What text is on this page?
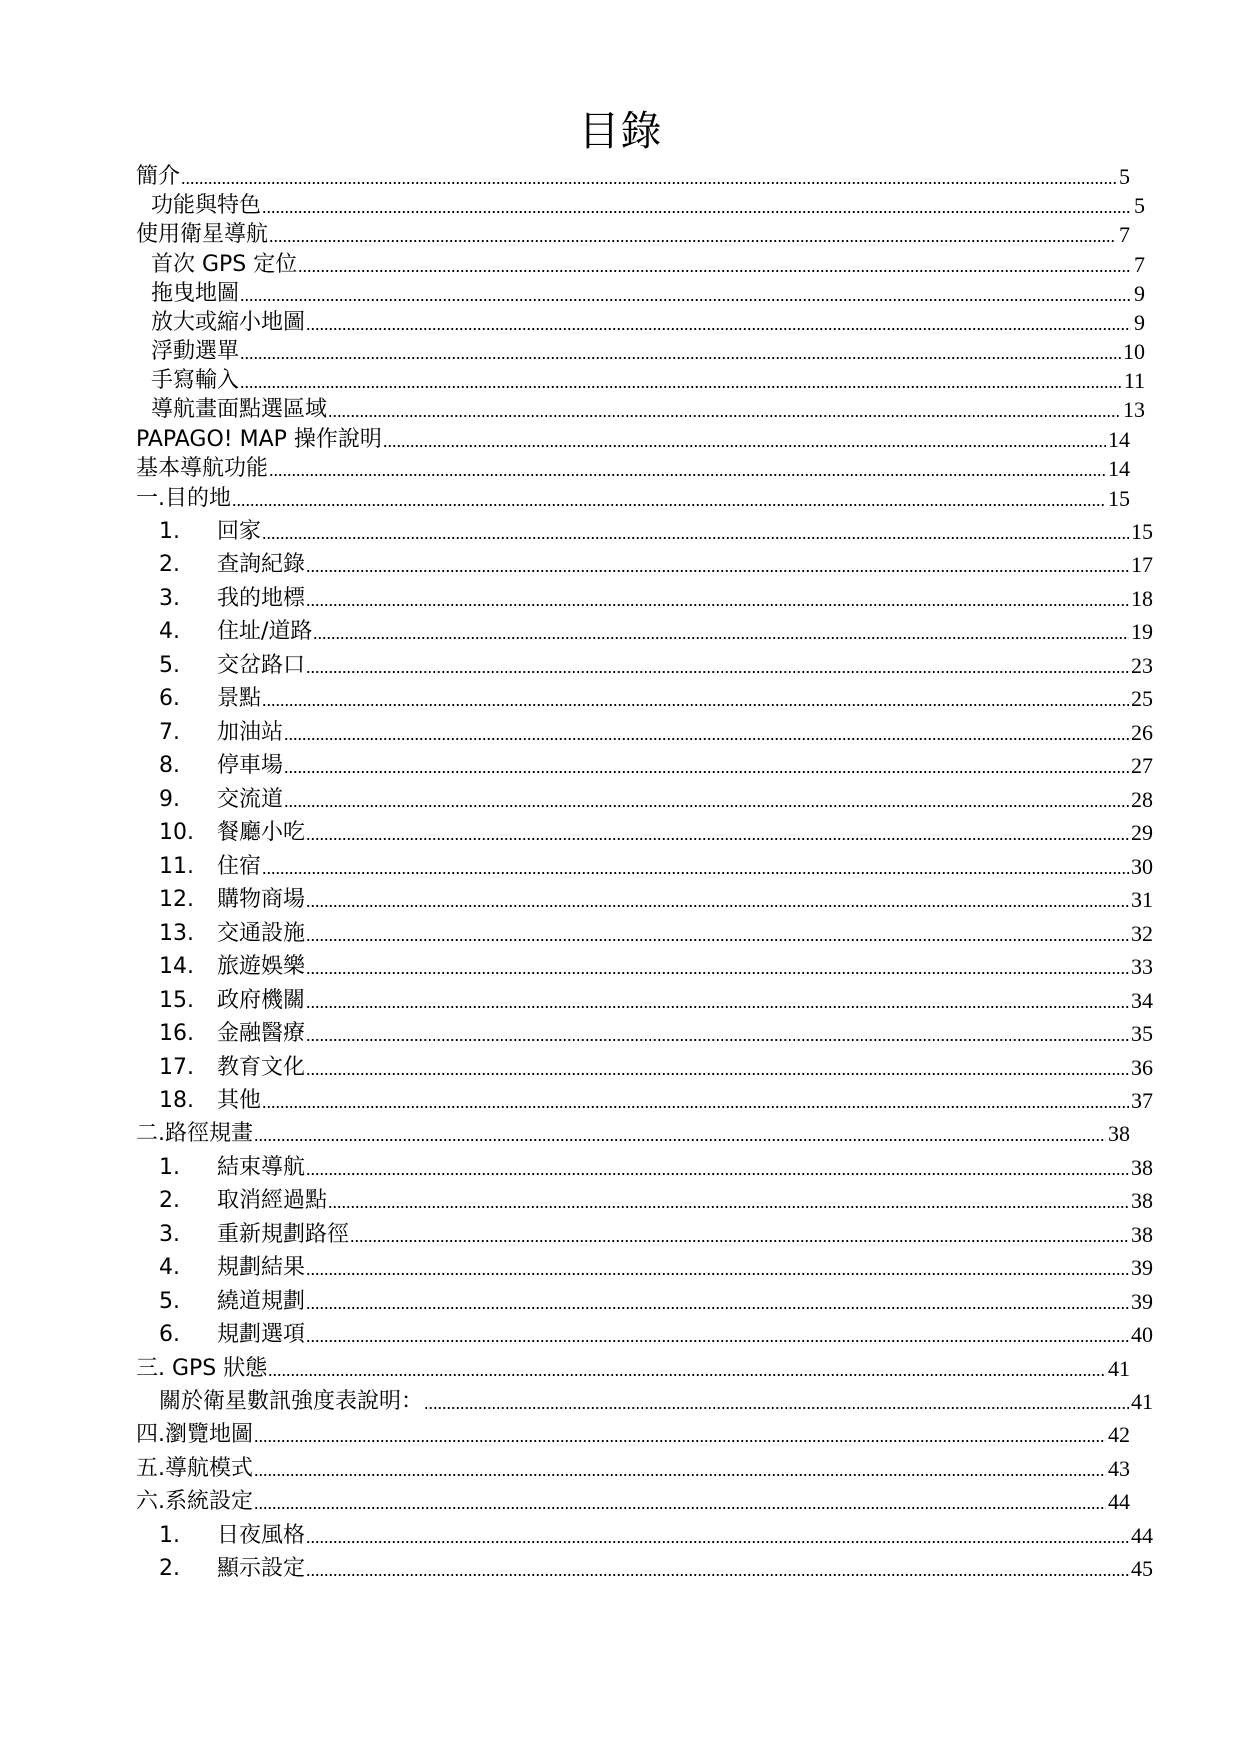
目錄
簡介	5
功能與特色	5
使用衛星導航	7
首次 GPS 定位	7
拖曳地圖	9
放大或縮小地圖	9
浮動選單	10
手寫輸入	11
導航畫面點選區域	13
PAPAGO! MAP 操作說明	14
基本導航功能	14
一.目的地	15
1. 回家	15
2. 查詢紀錄	17
3. 我的地標	18
4. 住址/道路	19
5. 交岔路口	23
6. 景點	25
7. 加油站	26
8. 停車場	27
9. 交流道	28
10. 餐廳小吃	29
11. 住宿	30
12. 購物商場	31
13. 交通設施	32
14. 旅遊娛樂	33
15. 政府機關	34
16. 金融醫療	35
17. 教育文化	36
18. 其他	37
二.路徑規畫	38
1. 結束導航	38
2. 取消經過點	38
3. 重新規劃路徑	38
4. 規劃結果	39
5. 繞道規劃	39
6. 規劃選項	40
三. GPS 狀態	41
關於衛星數訊強度表說明：	41
四.瀏覽地圖	42
五.導航模式	43
六.系統設定	44
1. 日夜風格	44
2. 顯示設定	45
